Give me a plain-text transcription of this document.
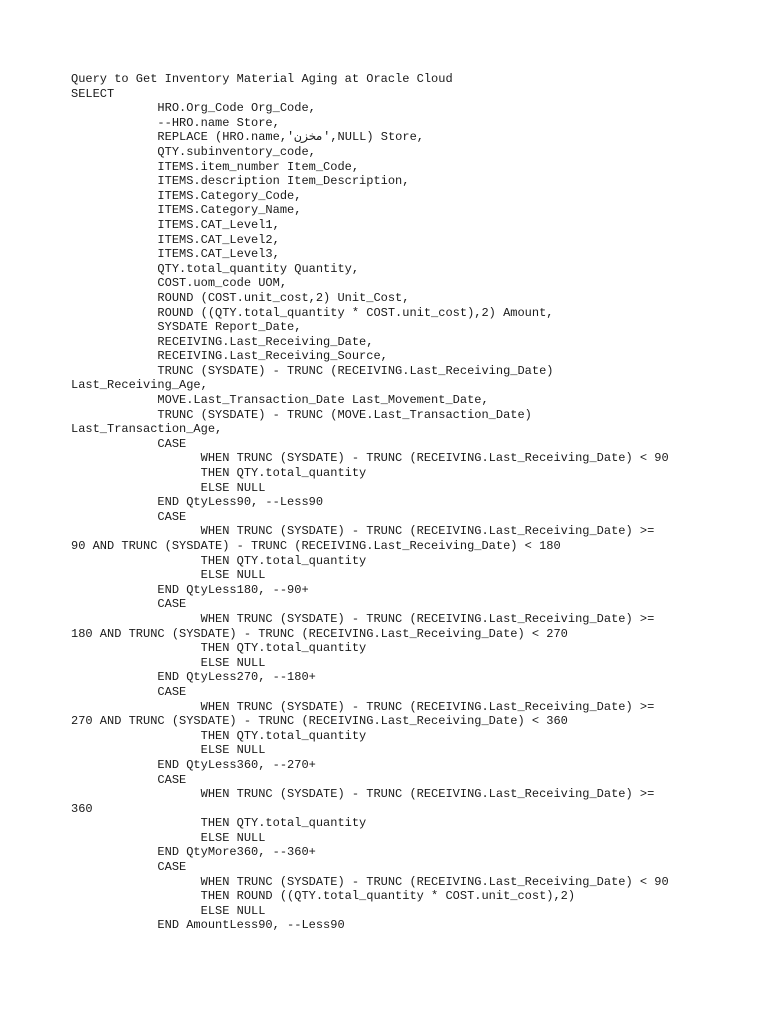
Query to Get Inventory Material Aging at Oracle Cloud
SELECT
HRO.Org_Code Org_Code,
--HRO.name Store,
REPLACE (HRO.name,'مخزن',NULL) Store,
QTY.subinventory_code,
ITEMS.item_number Item_Code,
ITEMS.description Item_Description,
ITEMS.Category_Code,
ITEMS.Category_Name,
ITEMS.CAT_Level1,
ITEMS.CAT_Level2,
ITEMS.CAT_Level3,
QTY.total_quantity Quantity,
COST.uom_code UOM,
ROUND (COST.unit_cost,2) Unit_Cost,
ROUND ((QTY.total_quantity * COST.unit_cost),2) Amount,
SYSDATE Report_Date,
RECEIVING.Last_Receiving_Date,
RECEIVING.Last_Receiving_Source,
TRUNC (SYSDATE) - TRUNC (RECEIVING.Last_Receiving_Date)
Last_Receiving_Age,
MOVE.Last_Transaction_Date Last_Movement_Date,
TRUNC (SYSDATE) - TRUNC (MOVE.Last_Transaction_Date)
Last_Transaction_Age,
CASE
WHEN TRUNC (SYSDATE) - TRUNC (RECEIVING.Last_Receiving_Date) < 90
THEN QTY.total_quantity
ELSE NULL
END QtyLess90, --Less90
CASE
WHEN TRUNC (SYSDATE) - TRUNC (RECEIVING.Last_Receiving_Date) >=
90 AND TRUNC (SYSDATE) - TRUNC (RECEIVING.Last_Receiving_Date) < 180
THEN QTY.total_quantity
ELSE NULL
END QtyLess180, --90+
CASE
WHEN TRUNC (SYSDATE) - TRUNC (RECEIVING.Last_Receiving_Date) >=
180 AND TRUNC (SYSDATE) - TRUNC (RECEIVING.Last_Receiving_Date) < 270
THEN QTY.total_quantity
ELSE NULL
END QtyLess270, --180+
CASE
WHEN TRUNC (SYSDATE) - TRUNC (RECEIVING.Last_Receiving_Date) >=
270 AND TRUNC (SYSDATE) - TRUNC (RECEIVING.Last_Receiving_Date) < 360
THEN QTY.total_quantity
ELSE NULL
END QtyLess360, --270+
CASE
WHEN TRUNC (SYSDATE) - TRUNC (RECEIVING.Last_Receiving_Date) >=
360
THEN QTY.total_quantity
ELSE NULL
END QtyMore360, --360+
CASE
WHEN TRUNC (SYSDATE) - TRUNC (RECEIVING.Last_Receiving_Date) < 90
THEN ROUND ((QTY.total_quantity * COST.unit_cost),2)
ELSE NULL
END AmountLess90, --Less90
